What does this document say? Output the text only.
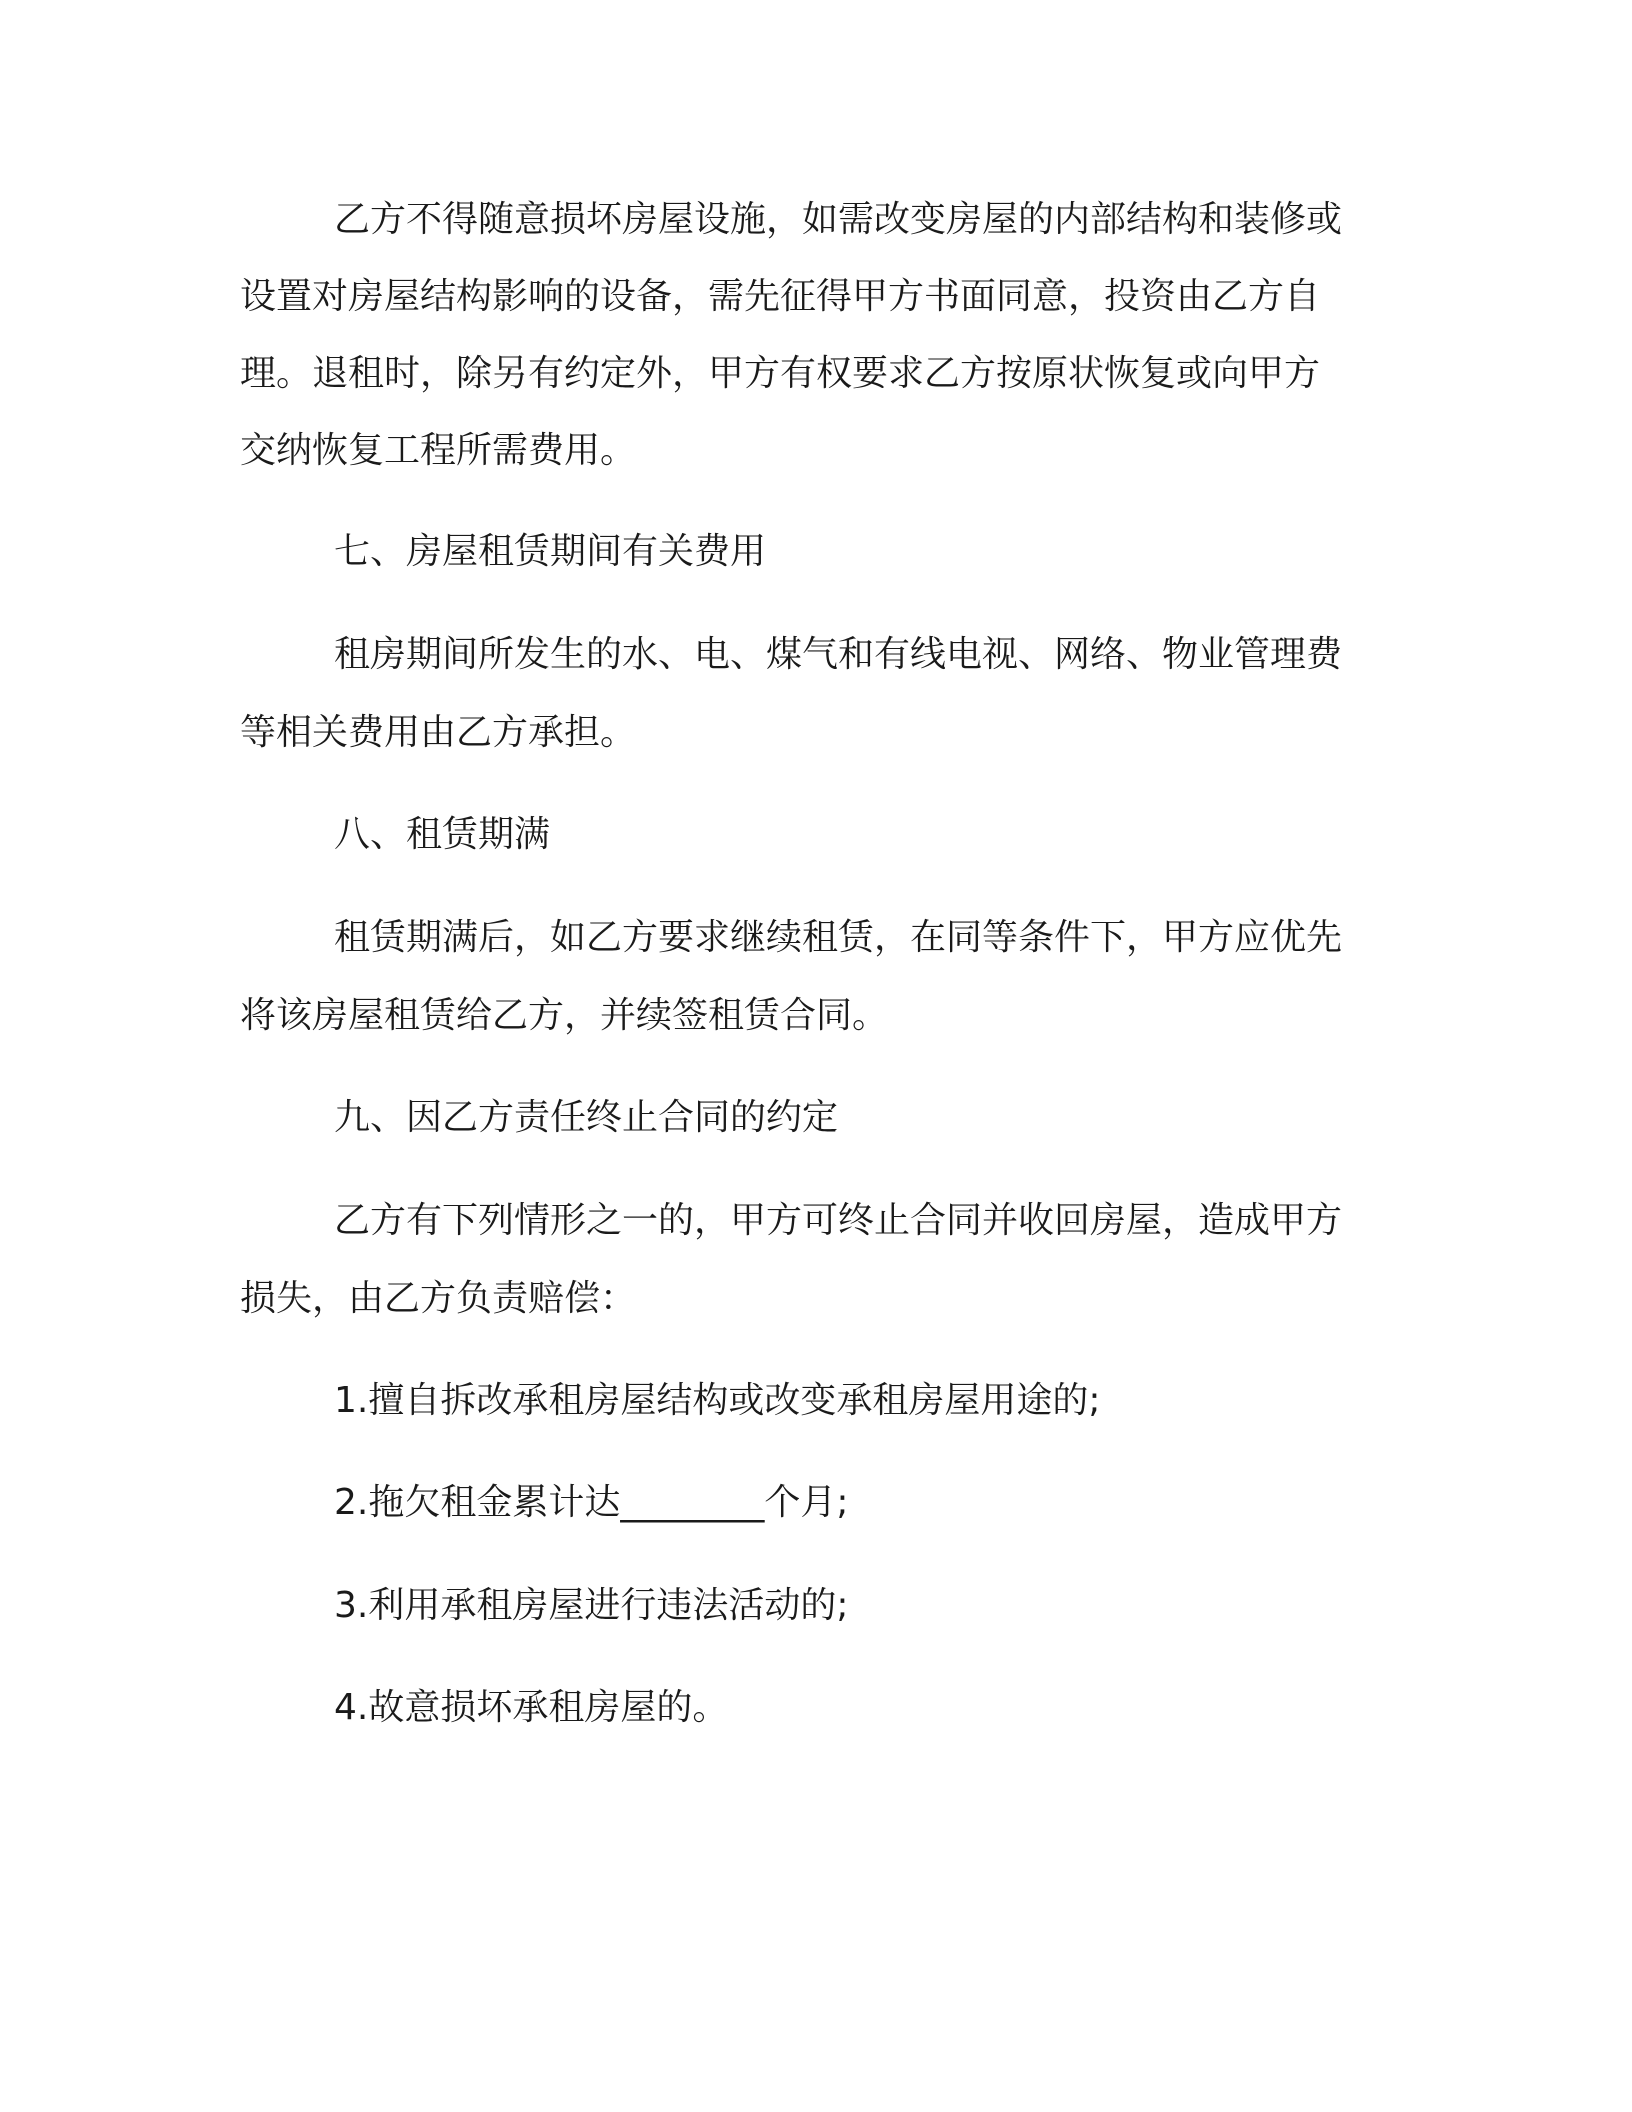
乙方不得随意损坏房屋设施，如需改变房屋的内部结构和装修或
设置对房屋结构影响的设备，需先征得甲方书面同意，投资由乙方自
理。退租时，除另有约定外，甲方有权要求乙方按原状恢复或向甲方
交纳恢复工程所需费用。
七、房屋租赁期间有关费用
租房期间所发生的水、电、煤气和有线电视、网络、物业管理费
等相关费用由乙方承担。
八、租赁期满
租赁期满后，如乙方要求继续租赁，在同等条件下，甲方应优先
将该房屋租赁给乙方，并续签租赁合同。
九、因乙方责任终止合同的约定
乙方有下列情形之一的，甲方可终止合同并收回房屋，造成甲方
损失，由乙方负责赔偿：
1.擅自拆改承租房屋结构或改变承租房屋用途的;
2.拖欠租金累计达________个月;
3.利用承租房屋进行违法活动的;
4.故意损坏承租房屋的。
